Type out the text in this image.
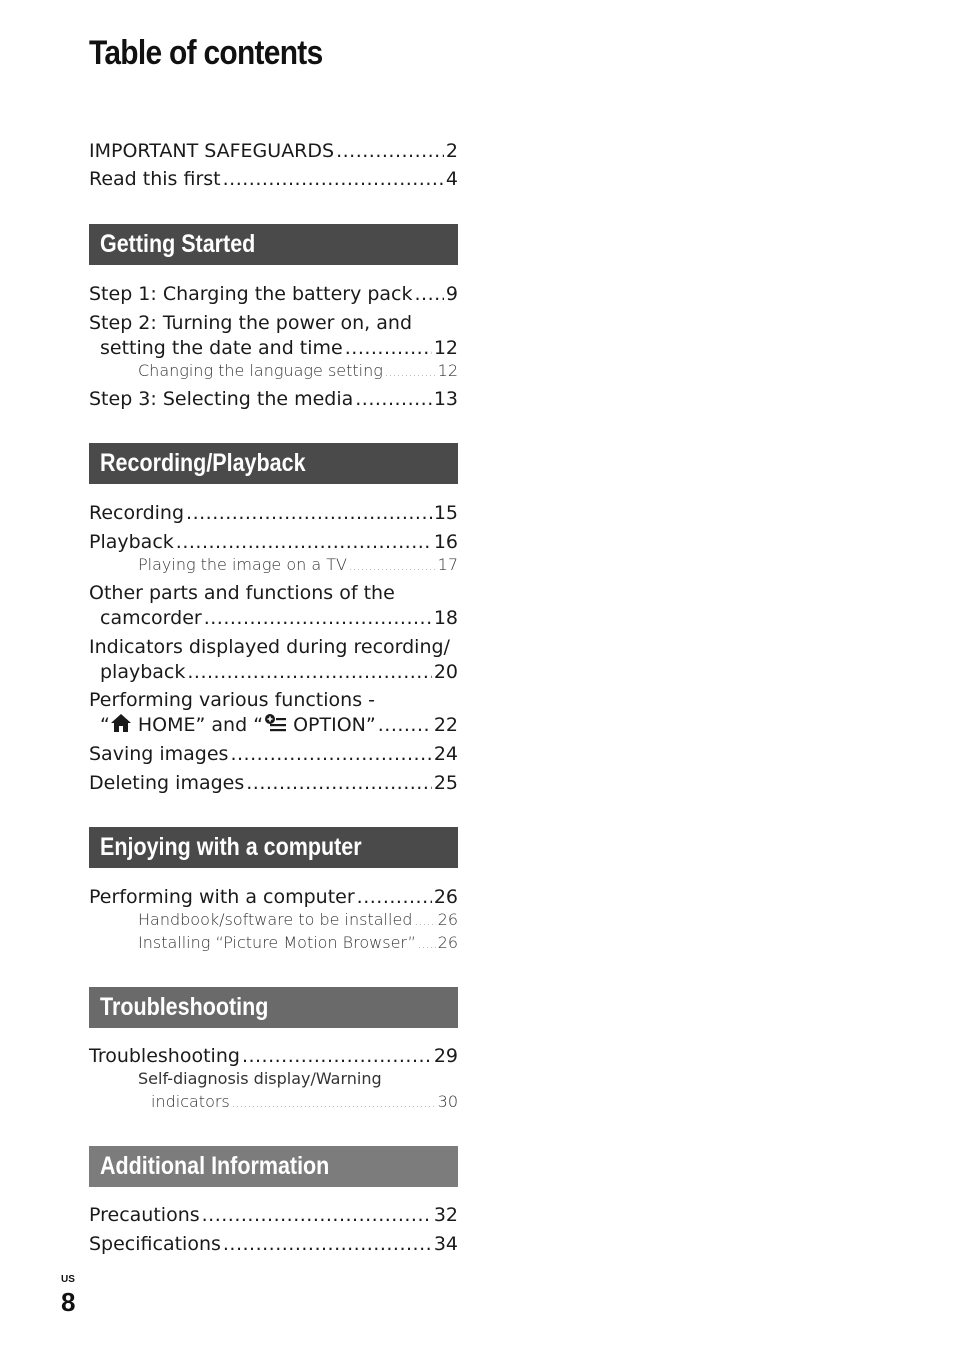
Table of contents
IMPORTANT SAFEGUARDS .....	2
Read this first .....	4
Getting Started
Step 1: Charging the battery pack ..... 9
Step 2: Turning the power on, and
setting the date and time .....	12
Changing the language setting .....	12
Step 3: Selecting the media .....	13
Recording/Playback
Recording .....	15
Playback .....	16
Playing the image on a TV .....	17
Other parts and functions of the
camcorder .....	18
Indicators displayed during recording/
playback .....	20
Performing various functions -
“ HOME” and “ OPTION” .....	22
Saving images .....	24
Deleting images .....	25
Enjoying with a computer
Performing with a computer .....	26
Handbook/software to be installed ..... 26
Installing “Picture Motion Browser” ..... 26
Troubleshooting
Troubleshooting .....	29
Self-diagnosis display/Warning
indicators .....	30
Additional Information
Precautions .....	32
Specifications .....	34
US
8
